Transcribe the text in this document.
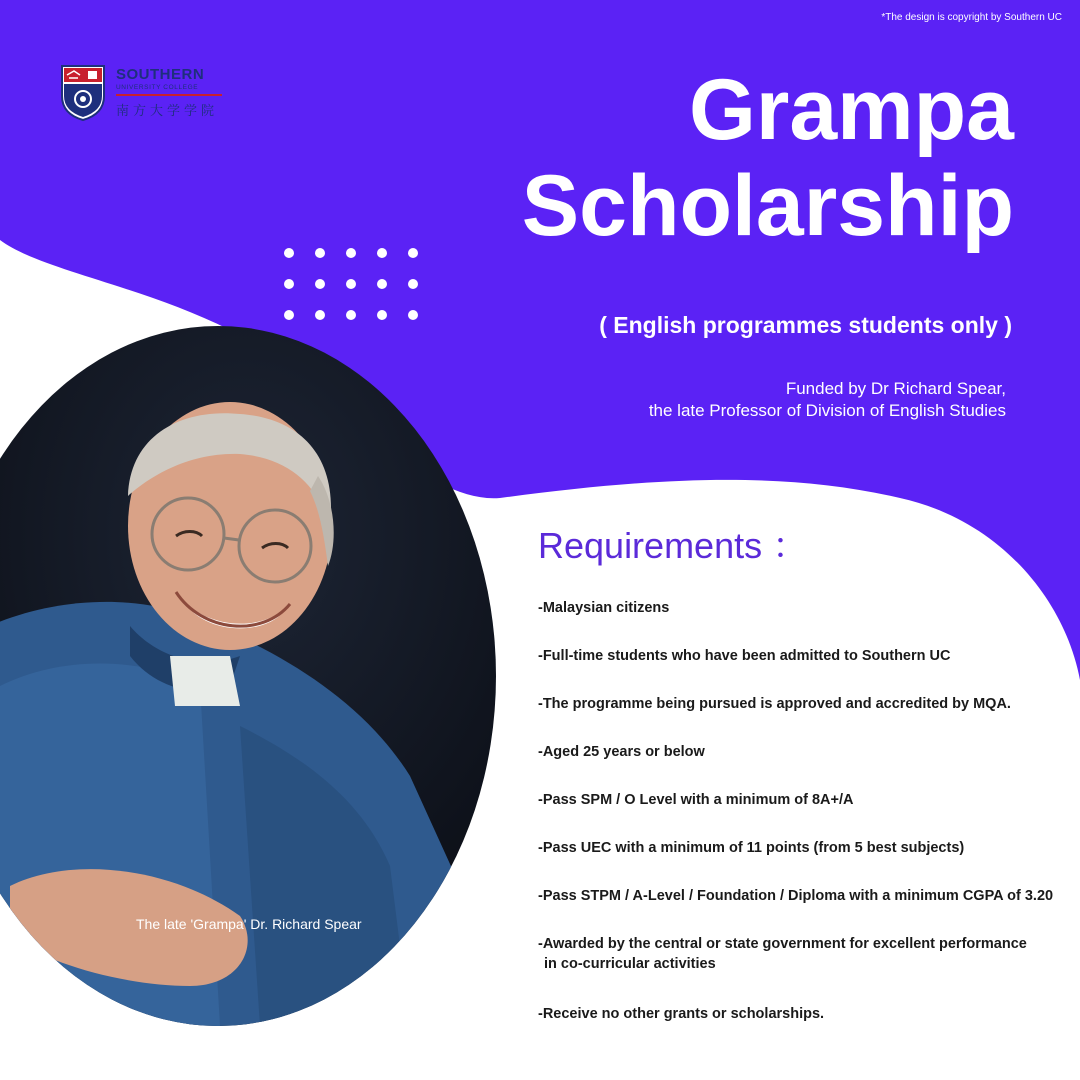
*The design is copyright by Southern UC
SOUTHERN
UNIVERSITY COLLEGE
南方大学学院	Grampa
Scholarship
( English programmes students only )
Funded by Dr Richard Spear,
the late Professor of Division of English Studies
The late 'Grampa' Dr. Richard Spear
Requirements ：
-Malaysian citizens
-Full-time students who have been admitted to Southern UC
-The programme being pursued is approved and accredited by MQA.
-Aged 25 years or below
-Pass SPM / O Level with a minimum of 8A+/A
-Pass UEC with a minimum of 11 points (from 5 best subjects)
-Pass STPM / A-Level / Foundation / Diploma with a minimum CGPA of 3.20
-Awarded by the central or state government for excellent performance
in co-curricular activities
-Receive no other grants or scholarships.
